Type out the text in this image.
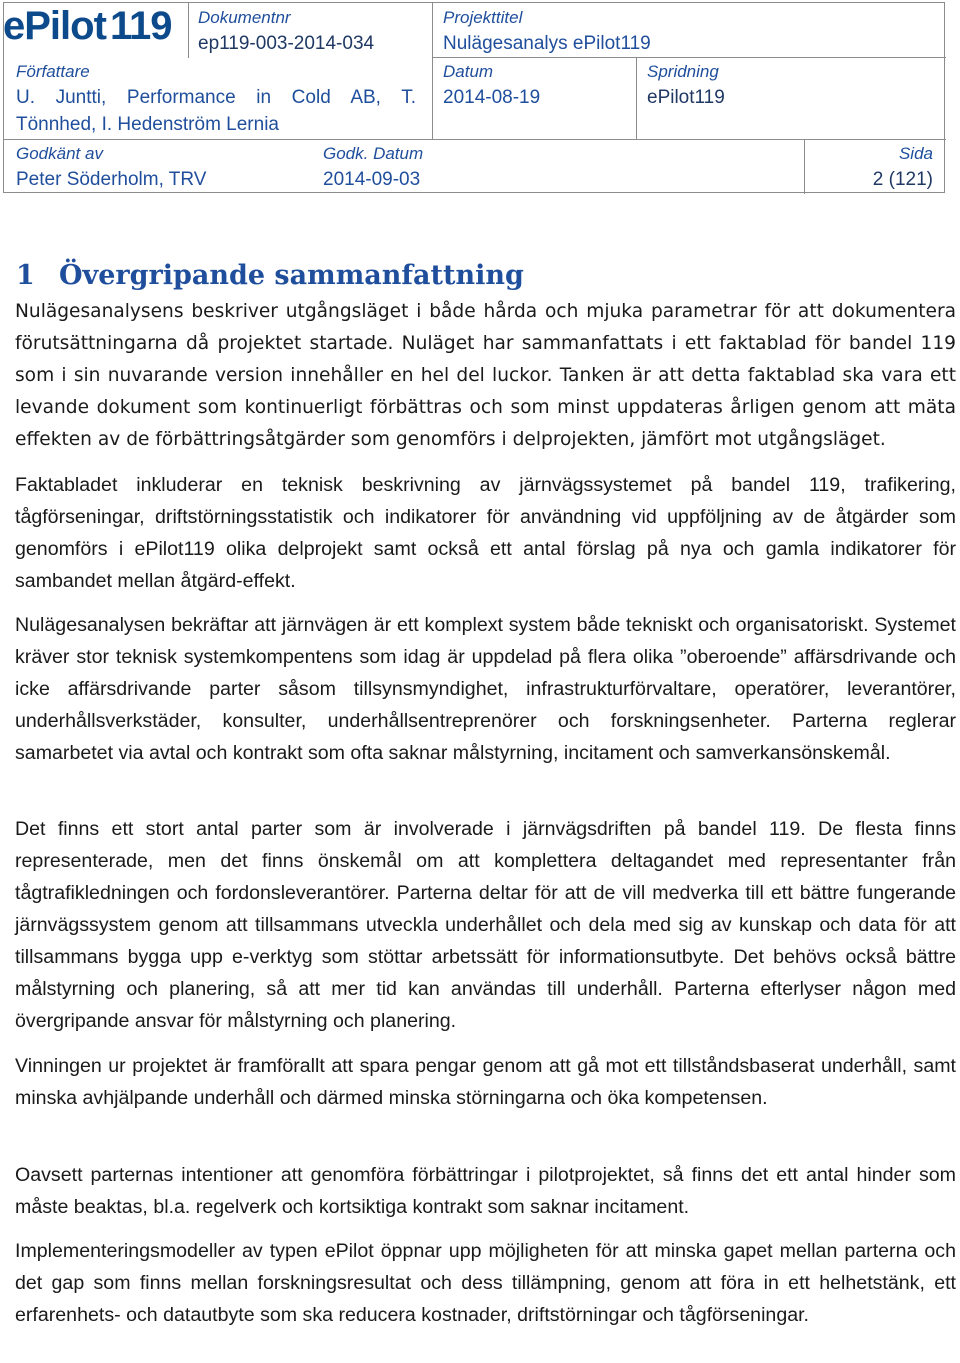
ePilot 119 Dokumentnr
ep119-003-2014-034
Projekttitel
Nulägesanalys ePilot119
Författare
U. Juntti, Performance in Cold AB, T.
Tönnhed, I. Hedenström Lernia
Datum
2014-08-19
Spridning
ePilot119
Godkänt av
Peter Söderholm, TRV
Godk. Datum
2014-09-03
Sida
2 (121)
1 Övergripande sammanfattning

Nulägesanalysens beskriver utgångsläget i både hårda och mjuka parametrar för att dokumentera förutsättningarna då projektet startade. Nuläget har sammanfattats i ett faktablad för bandel 119 som i sin nuvarande version innehåller en hel del luckor. Tanken är att detta faktablad ska vara ett levande dokument som kontinuerligt förbättras och som minst uppdateras årligen genom att mäta effekten av de förbättringsåtgärder som genomförs i delprojekten, jämfört mot utgångsläget.

Faktabladet inkluderar en teknisk beskrivning av järnvägssystemet på bandel 119, trafikering, tågförseningar, driftstörningsstatistik och indikatorer för användning vid uppföljning av de åtgärder som genomförs i ePilot119 olika delprojekt samt också ett antal förslag på nya och gamla indikatorer för sambandet mellan åtgärd-effekt.

Nulägesanalysen bekräftar att järnvägen är ett komplext system både tekniskt och organisatoriskt. Systemet kräver stor teknisk systemkompentens som idag är uppdelad på flera olika ”oberoende” affärsdrivande och icke affärsdrivande parter såsom tillsynsmyndighet, infrastrukturförvaltare, operatörer, leverantörer, underhållsverkstäder, konsulter, underhållsentreprenörer och forskningsenheter. Parterna reglerar samarbetet via avtal och kontrakt som ofta saknar målstyrning, incitament och samverkansönskemål.

Det finns ett stort antal parter som är involverade i järnvägsdriften på bandel 119. De flesta finns representerade, men det finns önskemål om att komplettera deltagandet med representanter från tågtrafikledningen och fordonsleverantörer. Parterna deltar för att de vill medverka till ett bättre fungerande järnvägssystem genom att tillsammans utveckla underhållet och dela med sig av kunskap och data för att tillsammans bygga upp e-verktyg som stöttar arbetssätt för informationsutbyte. Det behövs också bättre målstyrning och planering, så att mer tid kan användas till underhåll. Parterna efterlyser någon med övergripande ansvar för målstyrning och planering.

Vinningen ur projektet är framförallt att spara pengar genom att gå mot ett tillståndsbaserat underhåll, samt minska avhjälpande underhåll och därmed minska störningarna och öka kompetensen.

Oavsett parternas intentioner att genomföra förbättringar i pilotprojektet, så finns det ett antal hinder som måste beaktas, bl.a. regelverk och kortsiktiga kontrakt som saknar incitament.

Implementeringsmodeller av typen ePilot öppnar upp möjligheten för att minska gapet mellan parterna och det gap som finns mellan forskningsresultat och dess tillämpning, genom att föra in ett helhetstänk, ett erfarenhets- och datautbyte som ska reducera kostnader, driftstörningar och tågförseningar.
